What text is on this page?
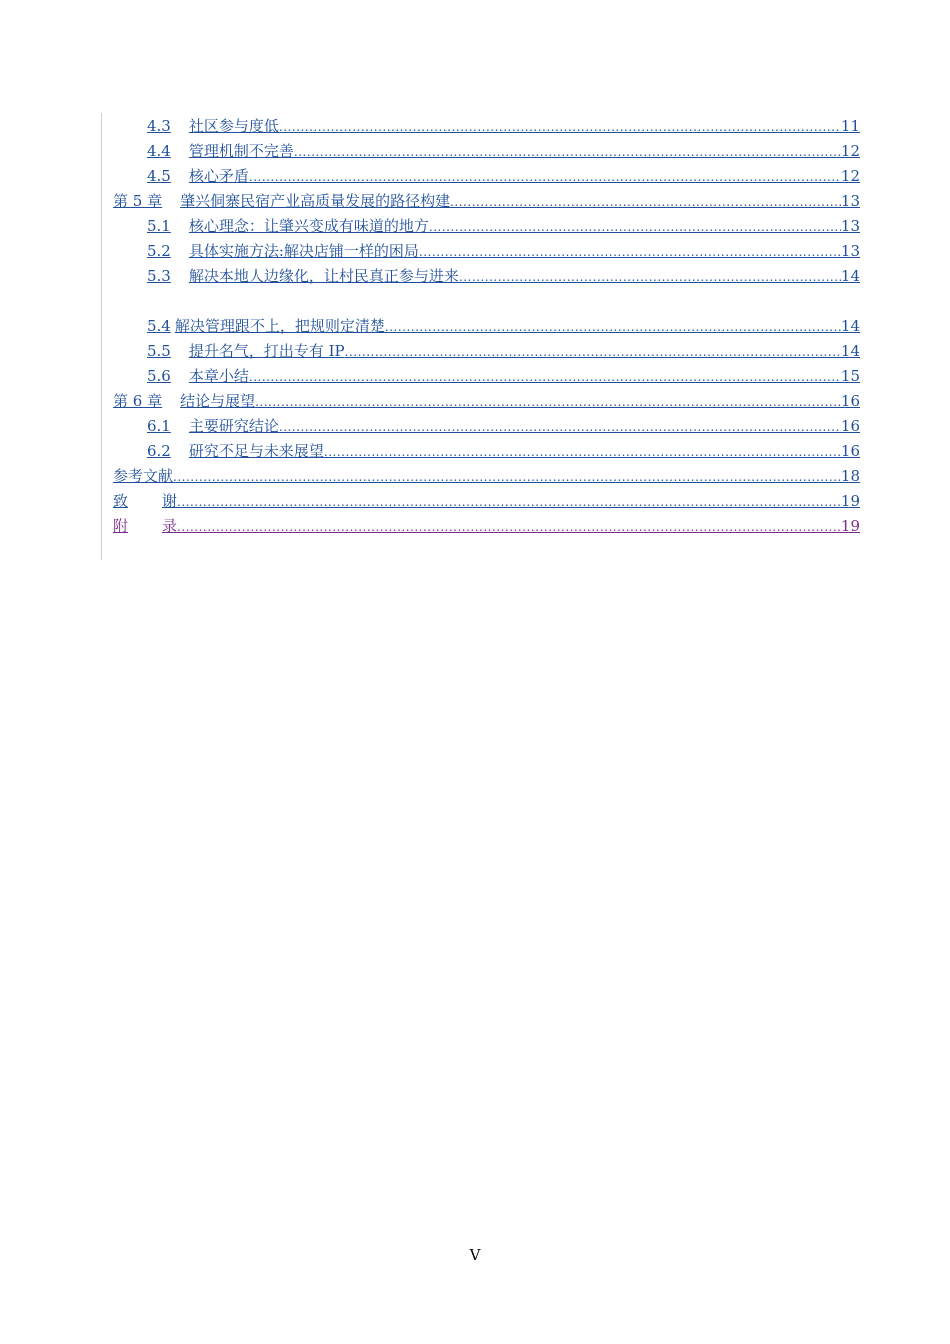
4.3 社区参与度低 .....	11
4.4 管理机制不完善 .....	12
4.5 核心矛盾 .....	12
第 5 章 肇兴侗寨民宿产业高质量发展的路径构建 .....	13
5.1 核心理念：让肇兴变成有味道的地方 .....	13
5.2 具体实施方法:解决店铺一样的困局 .....	13
5.3 解决本地人边缘化，让村民真正参与进来 .....	14
5.4 解决管理跟不上，把规则定清楚 .....	14
5.5 提升名气，打出专有 IP .....	14
5.6 本章小结 .....	15
第 6 章 结论与展望 .....	16
6.1 主要研究结论 .....	16
6.2 研究不足与未来展望 .....	16
参考文献 .....	18
致 谢 .....	19
附 录 .....	19
V
